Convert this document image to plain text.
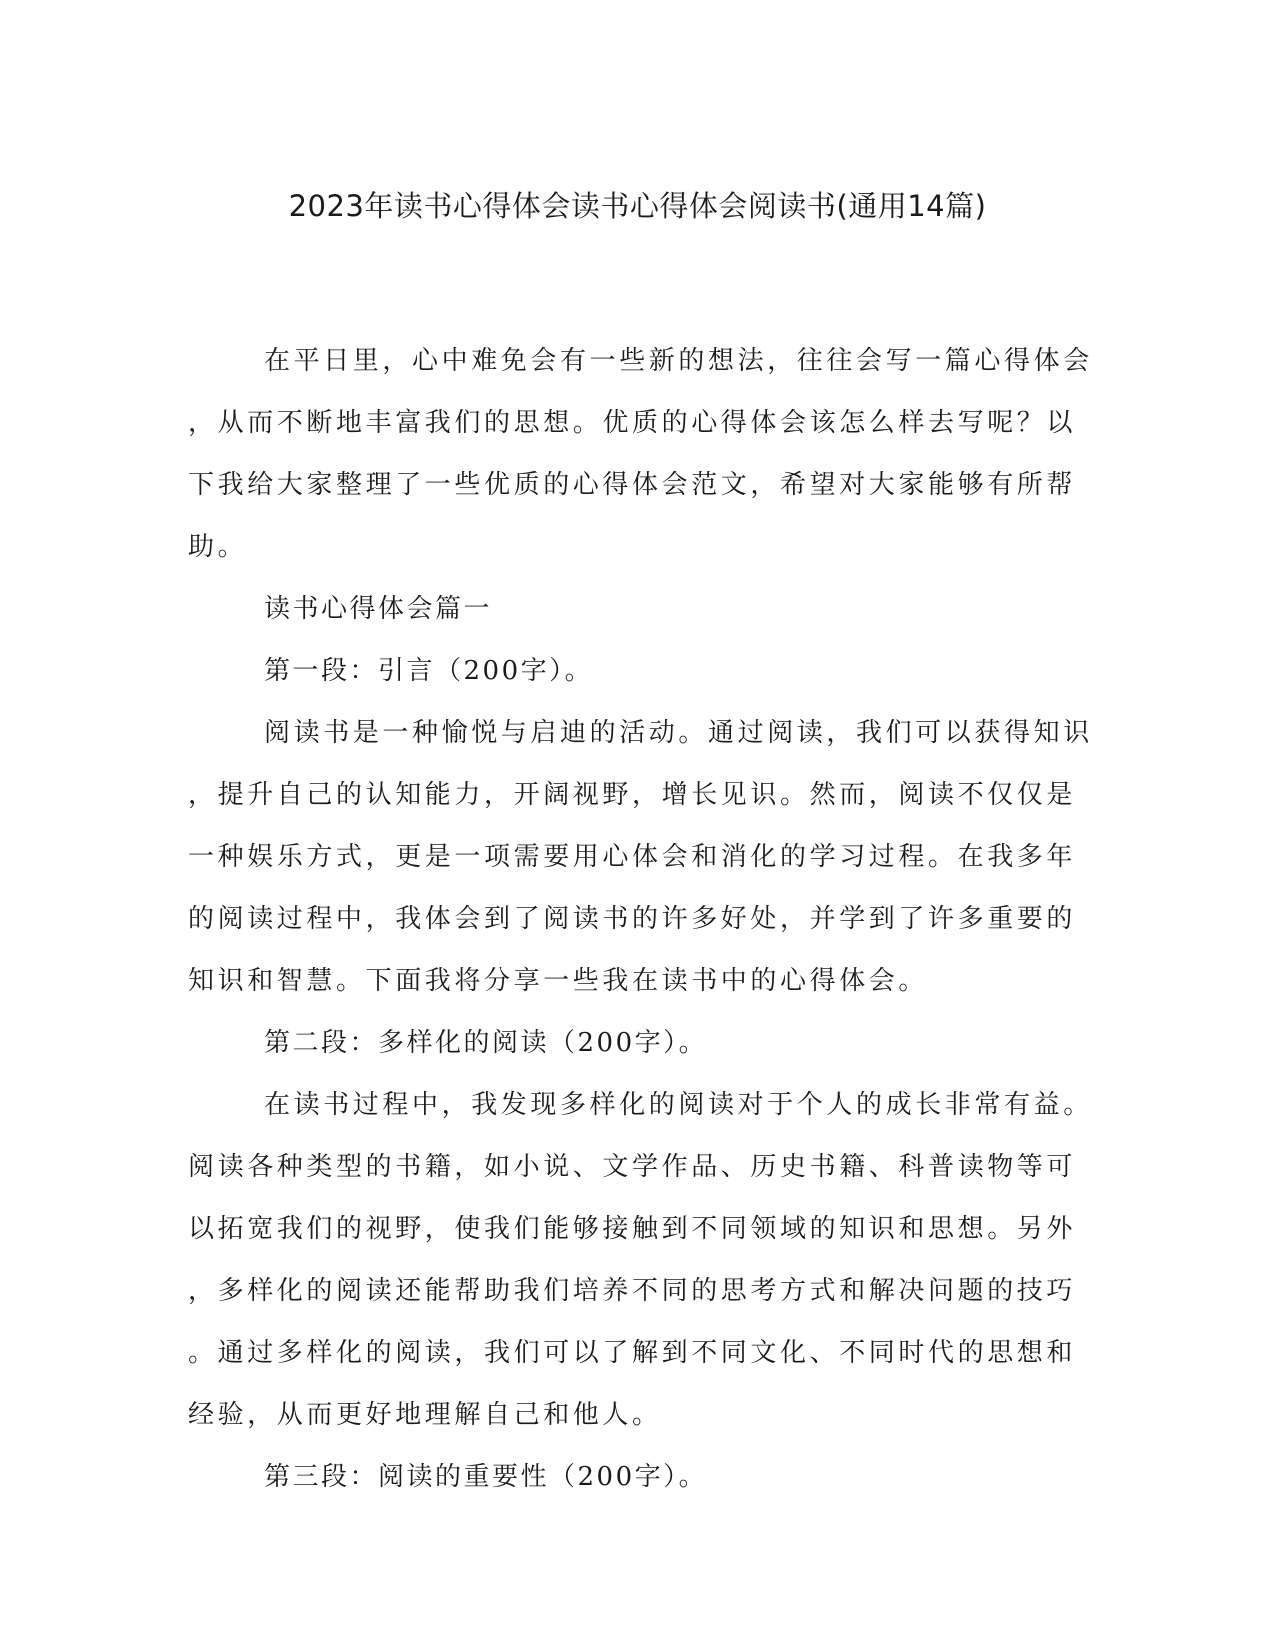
2023年读书心得体会读书心得体会阅读书(通用14篇)
在平日里，心中难免会有一些新的想法，往往会写一篇心得体会
，从而不断地丰富我们的思想。优质的心得体会该怎么样去写呢？以
下我给大家整理了一些优质的心得体会范文，希望对大家能够有所帮
助。
读书心得体会篇一
第一段：引言（200字）。
阅读书是一种愉悦与启迪的活动。通过阅读，我们可以获得知识
，提升自己的认知能力，开阔视野，增长见识。然而，阅读不仅仅是
一种娱乐方式，更是一项需要用心体会和消化的学习过程。在我多年
的阅读过程中，我体会到了阅读书的许多好处，并学到了许多重要的
知识和智慧。下面我将分享一些我在读书中的心得体会。
第二段：多样化的阅读（200字）。
在读书过程中，我发现多样化的阅读对于个人的成长非常有益。
阅读各种类型的书籍，如小说、文学作品、历史书籍、科普读物等可
以拓宽我们的视野，使我们能够接触到不同领域的知识和思想。另外
，多样化的阅读还能帮助我们培养不同的思考方式和解决问题的技巧
。通过多样化的阅读，我们可以了解到不同文化、不同时代的思想和
经验，从而更好地理解自己和他人。
第三段：阅读的重要性（200字）。
